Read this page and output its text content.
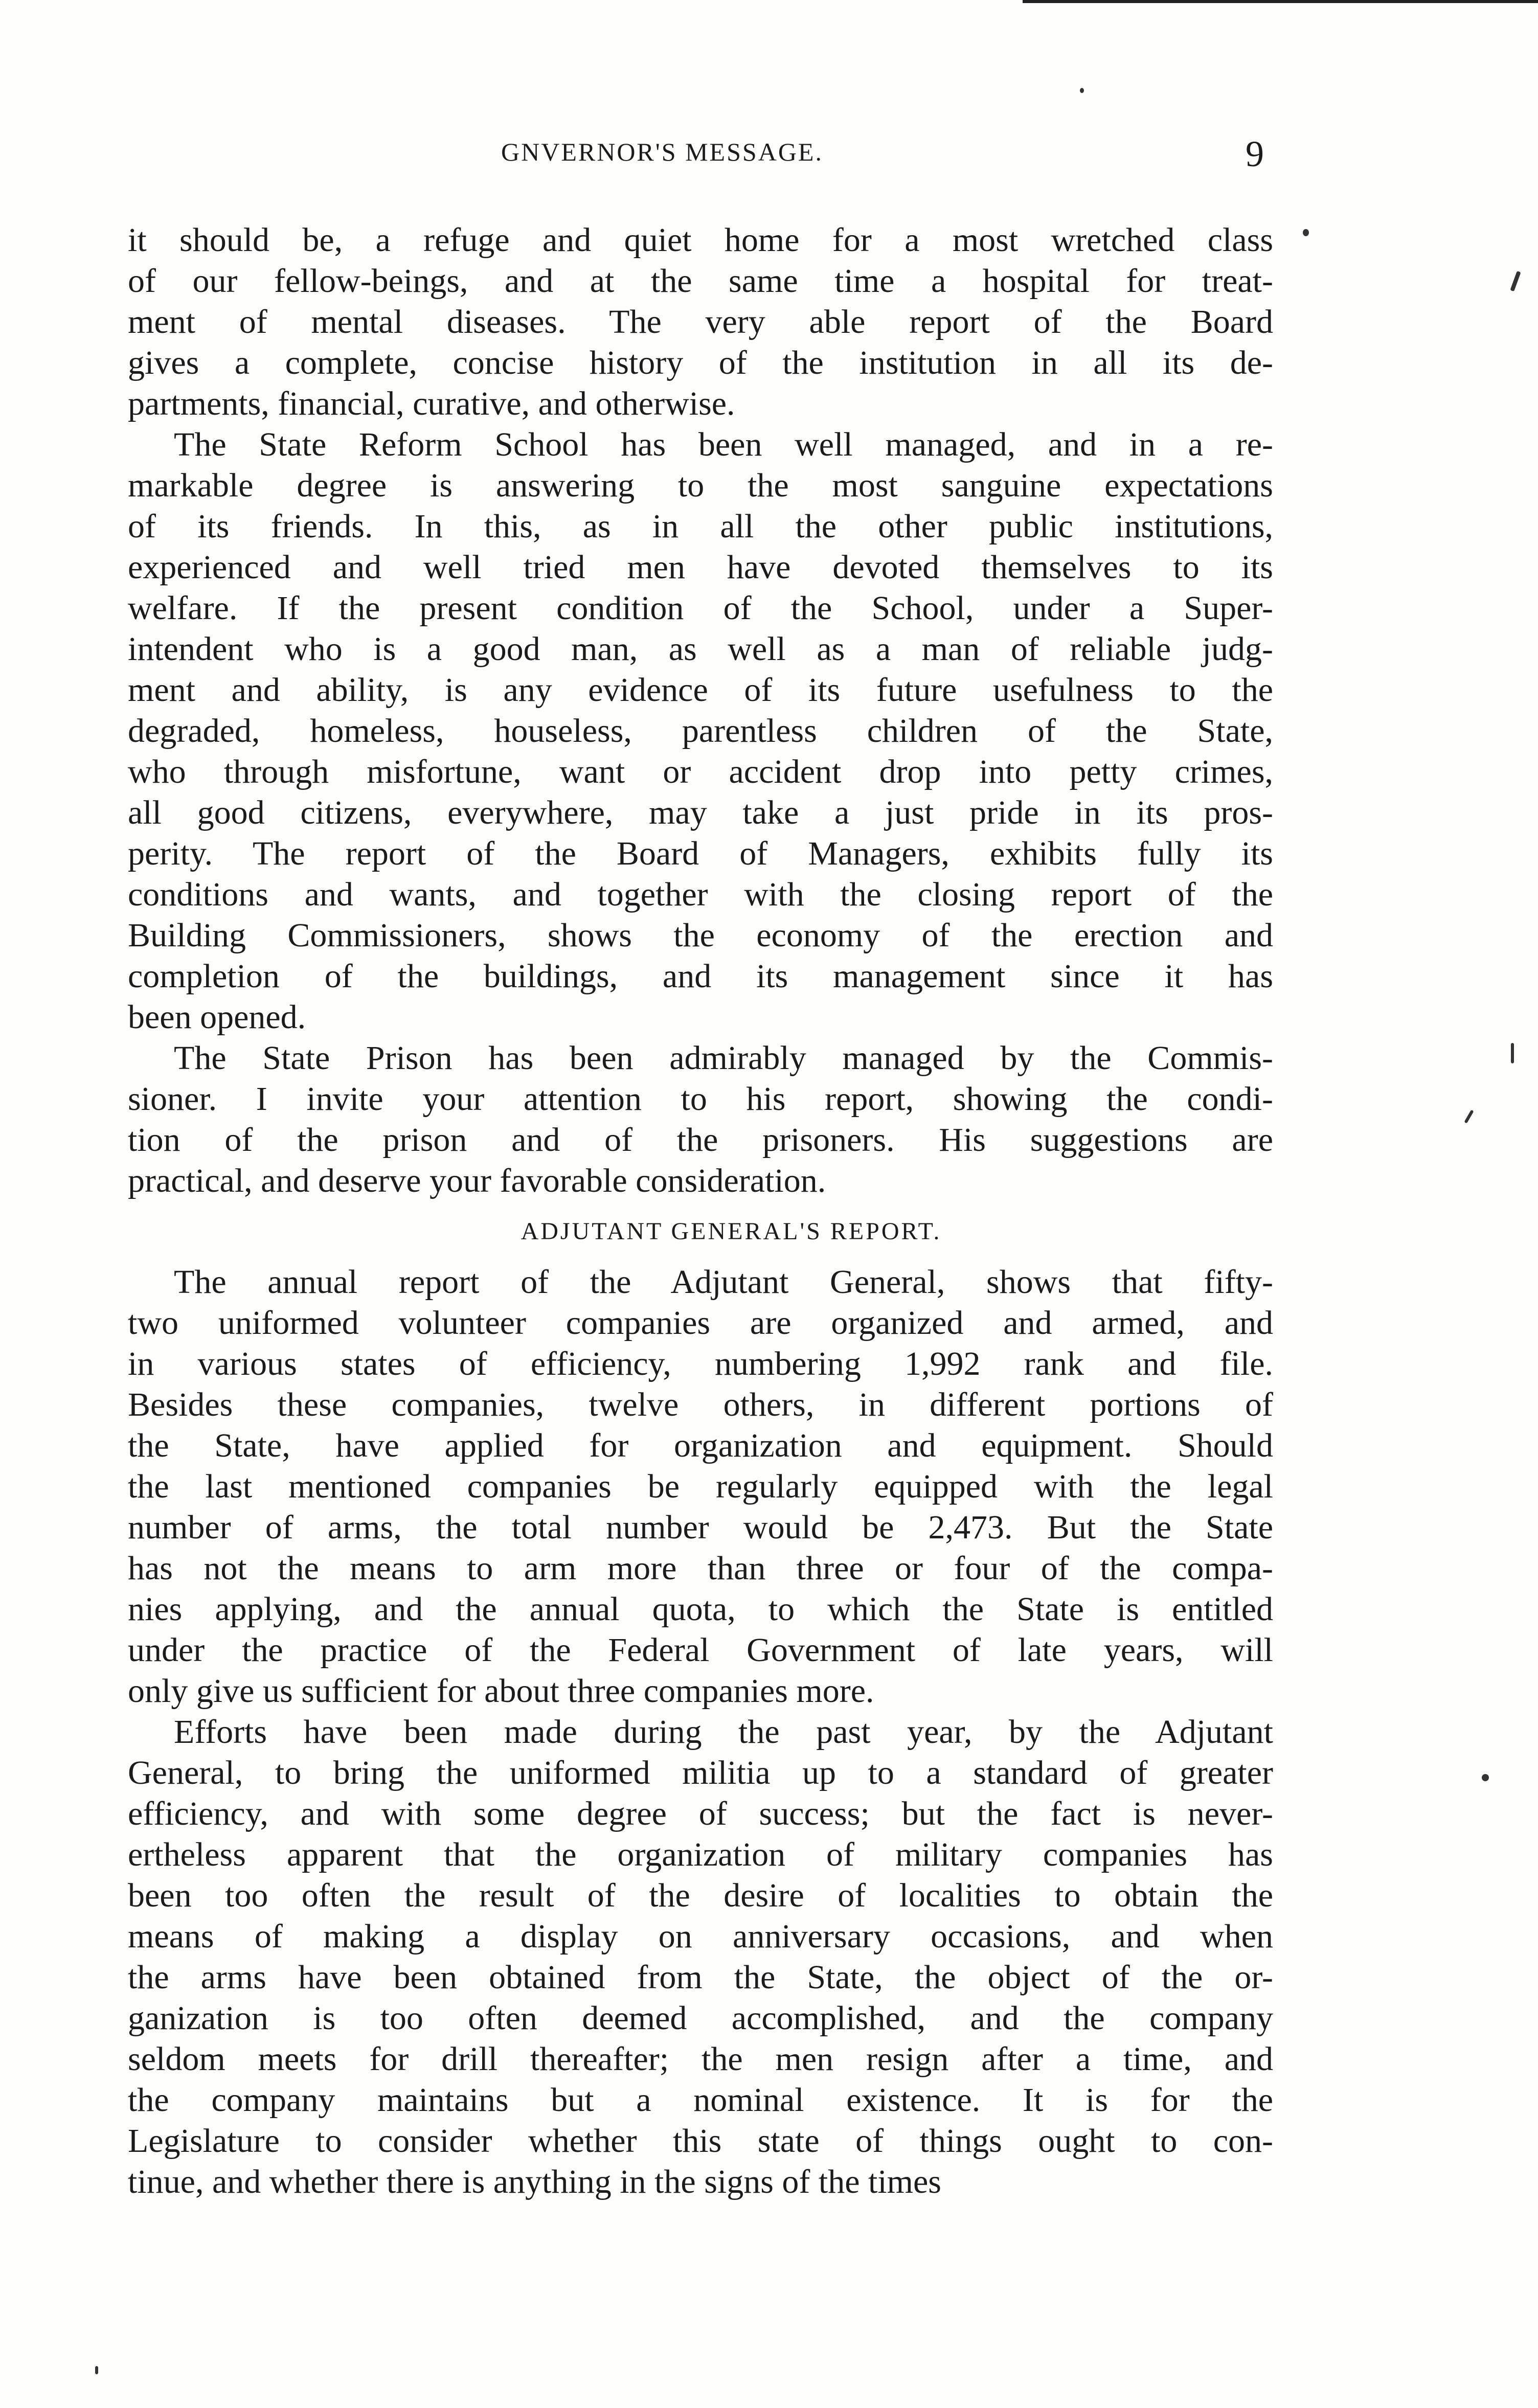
GNVERNOR'S MESSAGE.	9
it should be, a refuge and quiet home for a most wretched class
of our fellow-beings, and at the same time a hospital for treat-
ment of mental diseases. The very able report of the Board
gives a complete, concise history of the institution in all its de-
partments, financial, curative, and otherwise.
The State Reform School has been well managed, and in a re-
markable degree is answering to the most sanguine expectations
of its friends. In this, as in all the other public institutions,
experienced and well tried men have devoted themselves to its
welfare. If the present condition of the School, under a Super-
intendent who is a good man, as well as a man of reliable judg-
ment and ability, is any evidence of its future usefulness to the
degraded, homeless, houseless, parentless children of the State,
who through misfortune, want or accident drop into petty crimes,
all good citizens, everywhere, may take a just pride in its pros-
perity. The report of the Board of Managers, exhibits fully its
conditions and wants, and together with the closing report of the
Building Commissioners, shows the economy of the erection and
completion of the buildings, and its management since it has
been opened.
The State Prison has been admirably managed by the Commis-
sioner. I invite your attention to his report, showing the condi-
tion of the prison and of the prisoners. His suggestions are
practical, and deserve your favorable consideration.
ADJUTANT GENERAL'S REPORT.
The annual report of the Adjutant General, shows that fifty-
two uniformed volunteer companies are organized and armed, and
in various states of efficiency, numbering 1,992 rank and file.
Besides these companies, twelve others, in different portions of
the State, have applied for organization and equipment. Should
the last mentioned companies be regularly equipped with the legal
number of arms, the total number would be 2,473. But the State
has not the means to arm more than three or four of the compa-
nies applying, and the annual quota, to which the State is entitled
under the practice of the Federal Government of late years, will
only give us sufficient for about three companies more.
Efforts have been made during the past year, by the Adjutant
General, to bring the uniformed militia up to a standard of greater
efficiency, and with some degree of success; but the fact is never-
ertheless apparent that the organization of military companies has
been too often the result of the desire of localities to obtain the
means of making a display on anniversary occasions, and when
the arms have been obtained from the State, the object of the or-
ganization is too often deemed accomplished, and the company
seldom meets for drill thereafter; the men resign after a time, and
the company maintains but a nominal existence. It is for the
Legislature to consider whether this state of things ought to con-
tinue, and whether there is anything in the signs of the times
